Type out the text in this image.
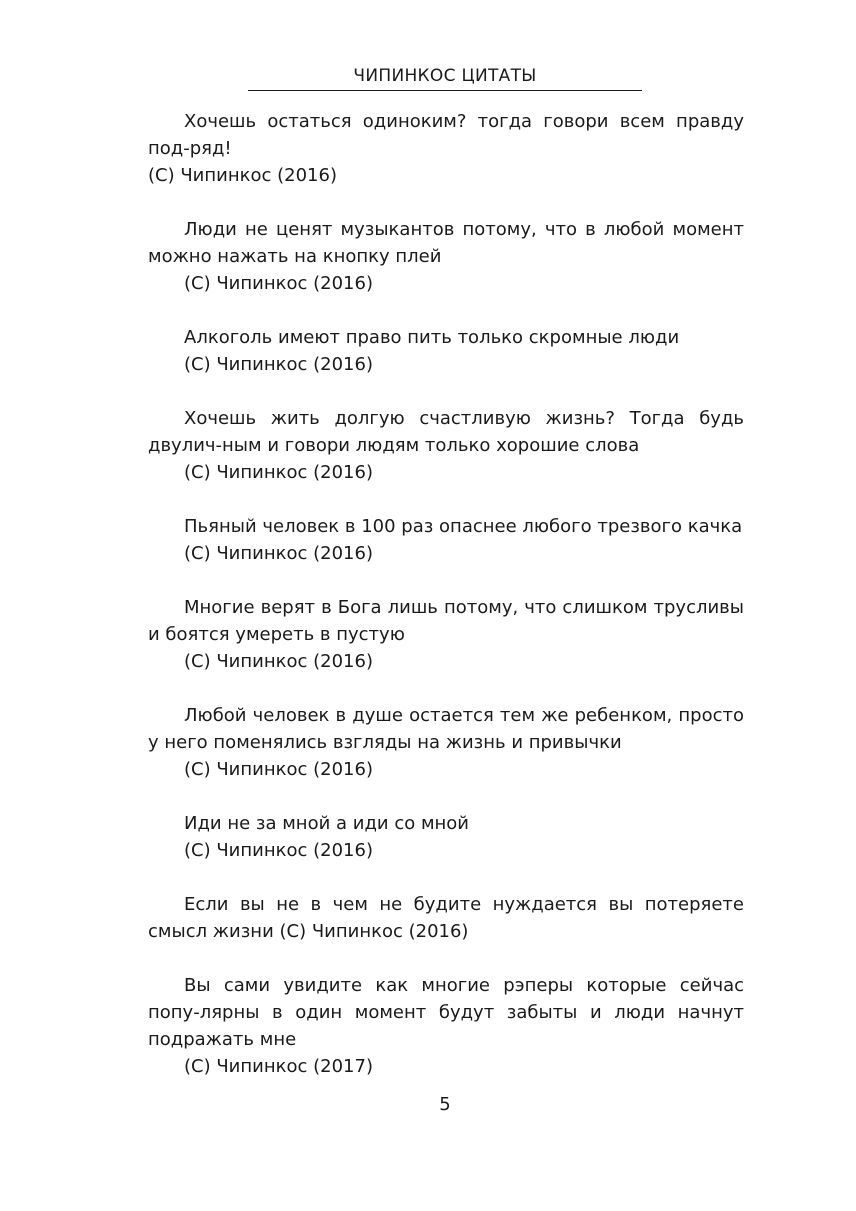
ЧИПИНКОС ЦИТАТЫ

Хочешь остаться одиноким? тогда говори всем правду под-ряд!

(C) Чипинкос (2016)

Люди не ценят музыкантов потому, что в любой момент можно нажать на кнопку плей

(C) Чипинкос (2016)

Алкоголь имеют право пить только скромные люди

(C) Чипинкос (2016)

Хочешь жить долгую счастливую жизнь? Тогда будь двулич-ным и говори людям только хорошие слова

(C) Чипинкос (2016)

Пьяный человек в 100 раз опаснее любого трезвого качка

(C) Чипинкос (2016)

Многие верят в Бога лишь потому, что слишком трусливы и боятся умереть в пустую

(C) Чипинкос (2016)

Любой человек в душе остается тем же ребенком, просто у него поменялись взгляды на жизнь и привычки

(C) Чипинкос (2016)

Иди не за мной а иди со мной

(C) Чипинкос (2016)

Если вы не в чем не будите нуждается вы потеряете смысл жизни (C) Чипинкос (2016)

Вы сами увидите как многие рэперы которые сейчас попу-лярны в один момент будут забыты и люди начнут подражать мне

(C) Чипинкос (2017)

5
